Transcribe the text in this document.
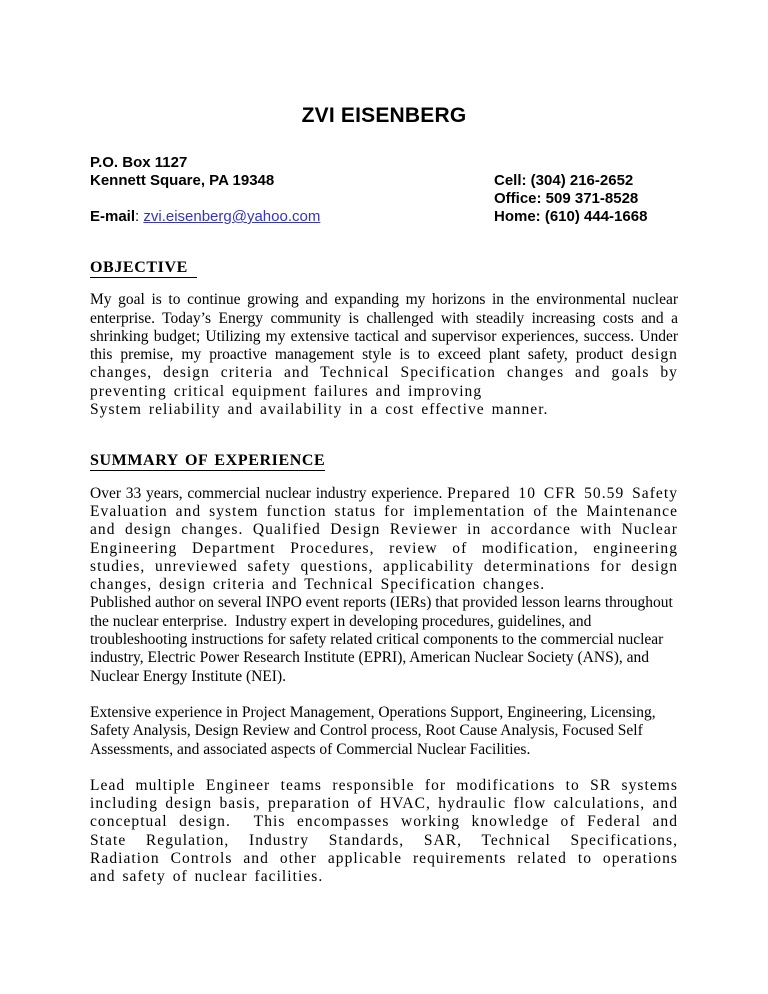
ZVI EISENBERG
P.O. Box 1127
Kennett Square, PA 19348

E-mail: zvi.eisenberg@yahoo.com

Cell: (304) 216-2652
Office: 509 371-8528
Home: (610) 444-1668
OBJECTIVE

My goal is to continue growing and expanding my horizons in the environmental nuclear enterprise. Today’s Energy community is challenged with steadily increasing costs and a shrinking budget; Utilizing my extensive tactical and supervisor experiences, success. Under this premise, my proactive management style is to exceed plant safety, product design changes, design criteria and Technical Specification changes and goals by preventing critical equipment failures and improving

System reliability and availability in a cost effective manner.

SUMMARY OF EXPERIENCE

Over 33 years, commercial nuclear industry experience. Prepared 10 CFR 50.59 Safety Evaluation and system function status for implementation of the Maintenance and design changes. Qualified Design Reviewer in accordance with Nuclear Engineering Department Procedures, review of modification, engineering studies, unreviewed safety questions, applicability determinations for design changes, design criteria and Technical Specification changes.

Published author on several INPO event reports (IERs) that provided lesson learns throughout the nuclear enterprise.  Industry expert in developing procedures, guidelines, and troubleshooting instructions for safety related critical components to the commercial nuclear industry, Electric Power Research Institute (EPRI), American Nuclear Society (ANS), and Nuclear Energy Institute (NEI).

Extensive experience in Project Management, Operations Support, Engineering, Licensing, Safety Analysis, Design Review and Control process, Root Cause Analysis, Focused Self Assessments, and associated aspects of Commercial Nuclear Facilities.

Lead multiple Engineer teams responsible for modifications to SR systems including design basis, preparation of HVAC, hydraulic flow calculations, and conceptual design.  This encompasses working knowledge of Federal and State Regulation, Industry Standards, SAR, Technical Specifications, Radiation Controls and other applicable requirements related to operations and safety of nuclear facilities.
